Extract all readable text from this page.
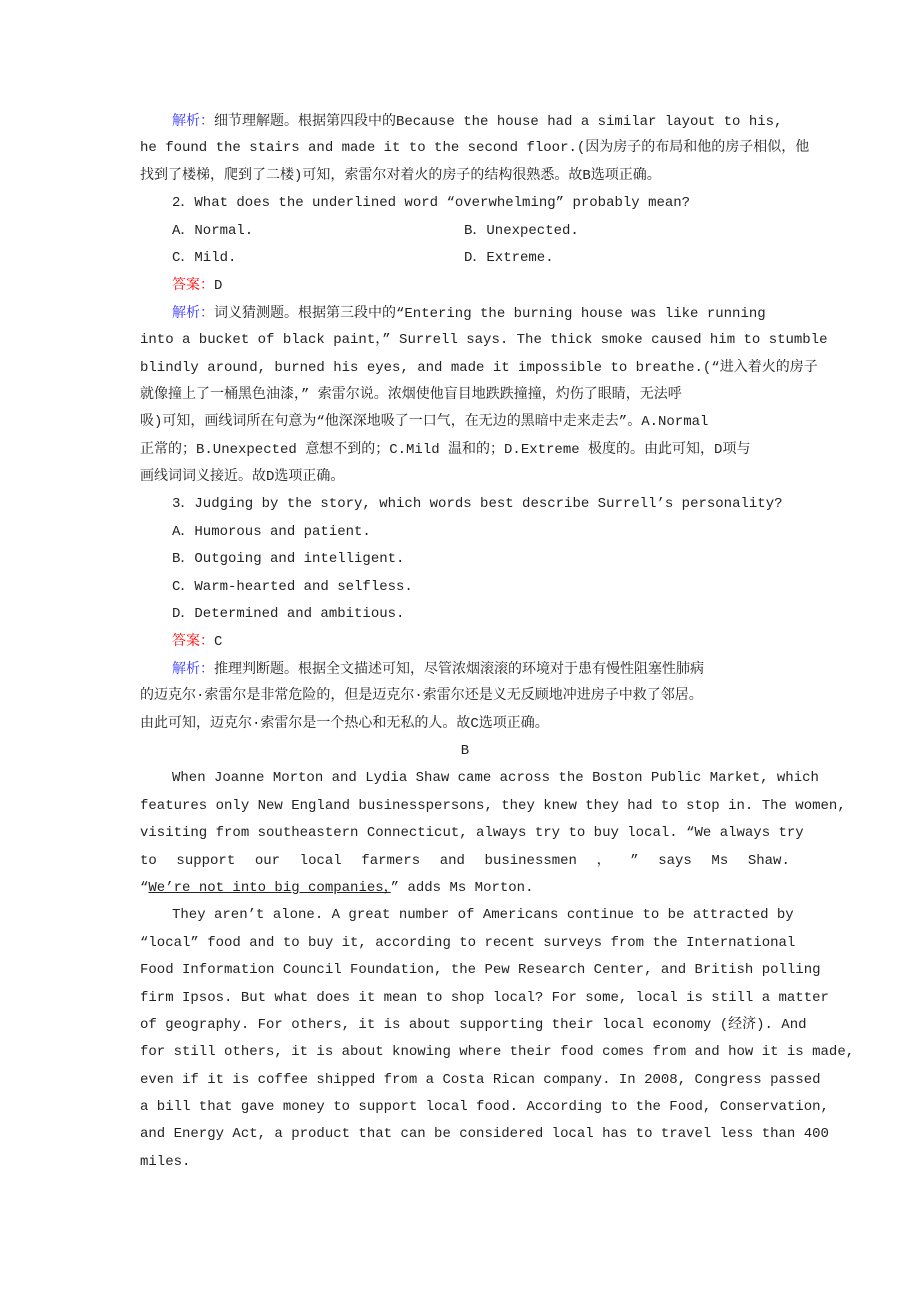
解析：细节理解题。根据第四段中的Because the house had a similar layout to his,
he found the stairs and made it to the second floor.(因为房子的布局和他的房子相似，他
找到了楼梯，爬到了二楼)可知，索雷尔对着火的房子的结构很熟悉。故B选项正确。
2．What does the underlined word “overwhelming” probably mean?
A．Normal.	B．Unexpected.
C．Mild.	D．Extreme.
答案：D
解析：词义猜测题。根据第三段中的“Entering the burning house was like running
into a bucket of black paint，” Surrell says. The thick smoke caused him to stumble
blindly around, burned his eyes, and made it impossible to breathe.(“进入着火的房子
就像撞上了一桶黑色油漆，” 索雷尔说。浓烟使他盲目地跌跌撞撞，灼伤了眼睛，无法呼
吸)可知，画线词所在句意为“他深深地吸了一口气，在无边的黑暗中走来走去”。A.Normal
正常的；B.Unexpected 意想不到的；C.Mild 温和的；D.Extreme 极度的。由此可知，D项与
画线词词义接近。故D选项正确。
3．Judging by the story, which words best describe Surrell’s personality?
A．Humorous and patient.
B．Outgoing and intelligent.
C．Warm-hearted and selfless.
D．Determined and ambitious.
答案：C
解析：推理判断题。根据全文描述可知，尽管浓烟滚滚的环境对于患有慢性阻塞性肺病
的迈克尔·索雷尔是非常危险的，但是迈克尔·索雷尔还是义无反顾地冲进房子中救了邻居。
由此可知，迈克尔·索雷尔是一个热心和无私的人。故C选项正确。
B
When Joanne Morton and Lydia Shaw came across the Boston Public Market, which
features only New England businesspersons, they knew they had to stop in. The women,
visiting from southeastern Connecticut, always try to buy local. “We always try
to support our local farmers and businessmen ， ” says Ms Shaw.
“We’re not into big companies，” adds Ms Morton.
They aren’t alone. A great number of Americans continue to be attracted by
“local” food and to buy it, according to recent surveys from the International
Food Information Council Foundation, the Pew Research Center, and British polling
firm Ipsos. But what does it mean to shop local? For some, local is still a matter
of geography. For others, it is about supporting their local economy (经济). And
for still others, it is about knowing where their food comes from and how it is made,
even if it is coffee shipped from a Costa Rican company. In 2008, Congress passed
a bill that gave money to support local food. According to the Food, Conservation,
and Energy Act, a product that can be considered local has to travel less than 400
miles.
